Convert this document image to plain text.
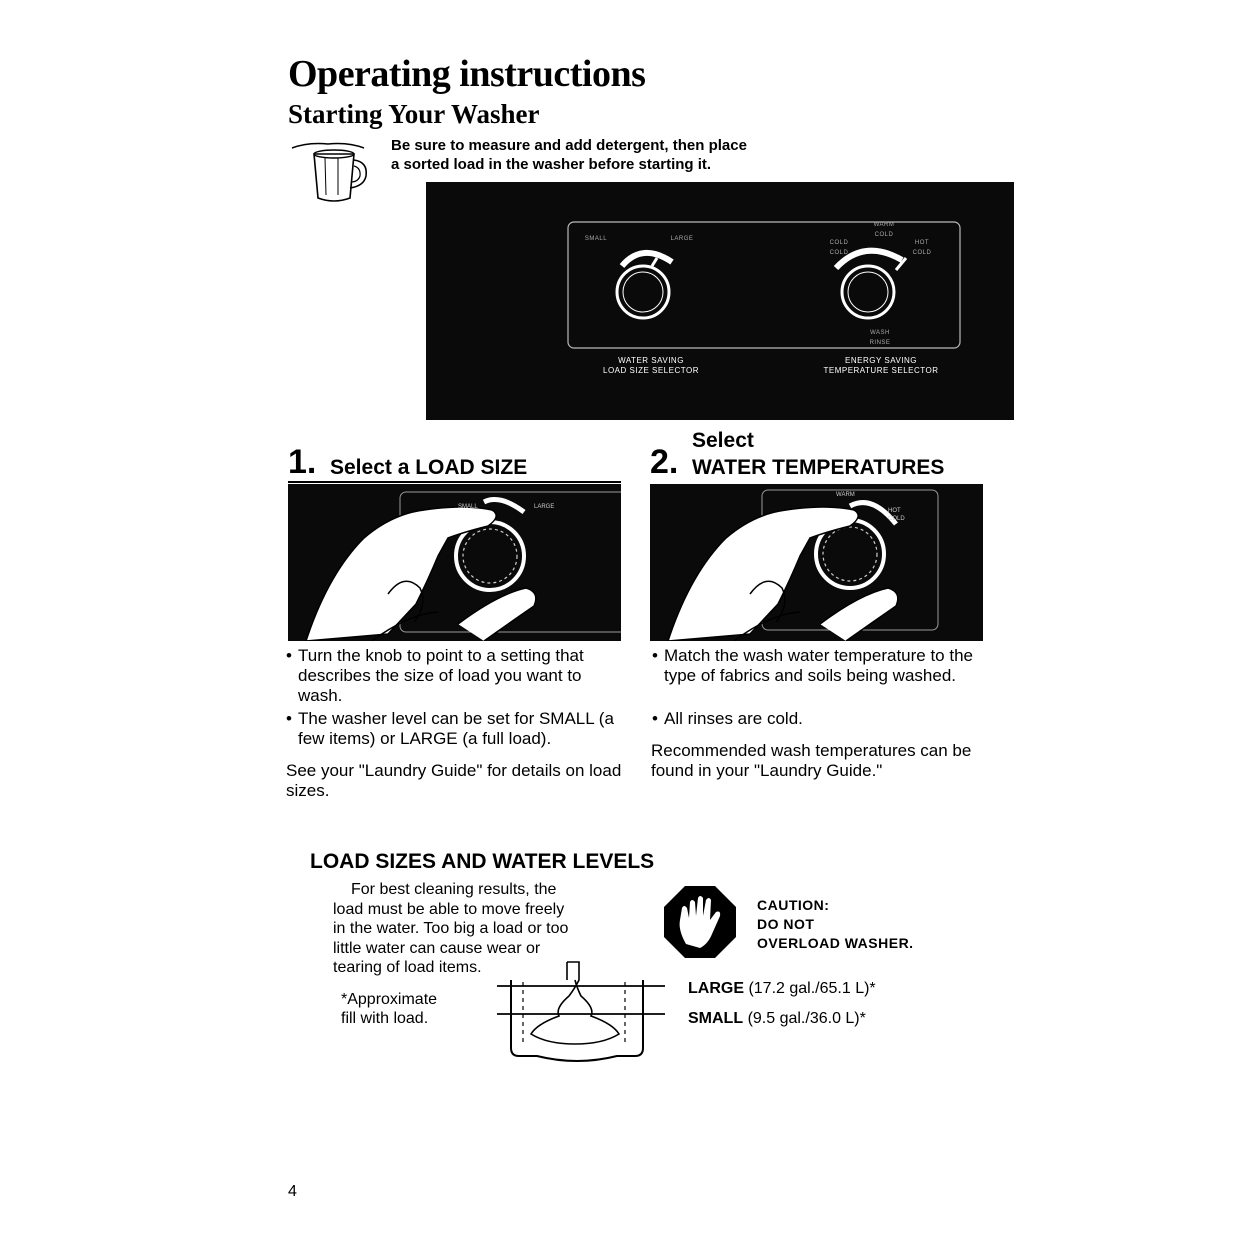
Operating instructions
Starting Your Washer
Be sure to measure and add detergent, then place
a sorted load in the washer before starting it.
SMALL	LARGE
WARM
COLD
COLD
COLD
HOT
COLD
WASH
RINSE
WATER SAVING
LOAD SIZE SELECTOR
ENERGY SAVING
TEMPERATURE SELECTOR
1. Select a LOAD SIZE
SMALL	LARGE
• Turn the knob to point to a setting that describes the size of load you want to wash.
• The washer level can be set for SMALL (a few items) or LARGE (a full load).
See your "Laundry Guide" for details on load sizes.
Select
2. WATER TEMPERATURES
WARM
HOT
COLD
• Match the wash water temperature to the type of fabrics and soils being washed.
• All rinses are cold.
Recommended wash temperatures can be found in your "Laundry Guide."
LOAD SIZES AND WATER LEVELS
For best cleaning results, the
load must be able to move freely
in the water. Too big a load or too
little water can cause wear or
tearing of load items.
*Approximate
fill with load.
CAUTION:
DO NOT
OVERLOAD WASHER.
LARGE (17.2 gal./65.1 L)*
SMALL (9.5 gal./36.0 L)*
4
